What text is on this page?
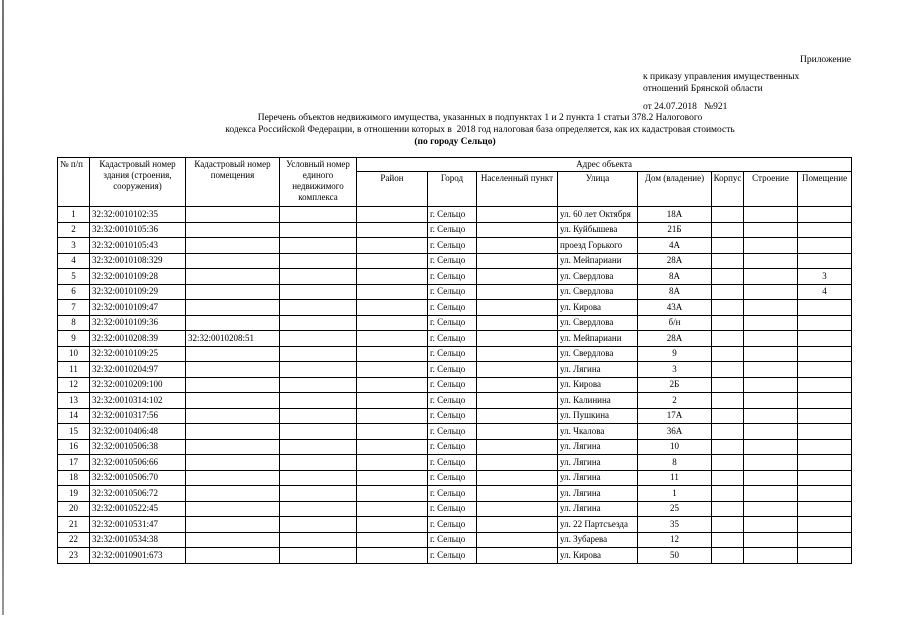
Приложение
к приказу управления имущественных
отношений Брянской области
от 24.07.2018   №921
Перечень объектов недвижимого имущества, указанных в подпунктах 1 и 2 пункта 1 статьи 378.2 Налогового
кодекса Российской Федерации, в отношении которых в  2018 год налоговая база определяется, как их кадастровая стоимость
(по городу Сельцо)
№ п/п	Кадастровый номер здания (строения, сооружения)	Кадастровый номер помещения	Условный номер единого недвижимого комплекса	Адрес объекта							
				Район	Город	Населенный пункт	Улица	Дом (владение)	Корпус	Строение	Помещение
1	32:32:0010102:35				г. Сельцо		ул. 60 лет Октября	18А			
2	32:32:0010105:36				г. Сельцо		ул. Куйбышева	21Б			
3	32:32:0010105:43				г. Сельцо		проезд Горького	4А			
4	32:32:0010108:329				г. Сельцо		ул. Мейпариани	28А			
5	32:32:0010109:28				г. Сельцо		ул. Свердлова	8А			3
6	32:32:0010109:29				г. Сельцо		ул. Свердлова	8А			4
7	32:32:0010109:47				г. Сельцо		ул. Кирова	43А			
8	32:32:0010109:36				г. Сельцо		ул. Свердлова	б/н			
9	32:32:0010208:39	32:32:0010208:51			г. Сельцо		ул. Мейпариани	28А			
10	32:32:0010109:25				г. Сельцо		ул. Свердлова	9			
11	32:32:0010204:97				г. Сельцо		ул. Лягина	3			
12	32:32:0010209:100				г. Сельцо		ул. Кирова	2Б			
13	32:32:0010314:102				г. Сельцо		ул. Калинина	2			
14	32:32:0010317:56				г. Сельцо		ул. Пушкина	17А			
15	32:32:0010406:48				г. Сельцо		ул. Чкалова	36А			
16	32:32:0010506:38				г. Сельцо		ул. Лягина	10			
17	32:32:0010506:66				г. Сельцо		ул. Лягина	8			
18	32:32:0010506:70				г. Сельцо		ул. Лягина	11			
19	32:32:0010506:72				г. Сельцо		ул. Лягина	1			
20	32:32:0010522:45				г. Сельцо		ул. Лягина	25			
21	32:32:0010531:47				г. Сельцо		ул. 22 Партсъезда	35			
22	32:32:0010534:38				г. Сельцо		ул. Зубарева	12			
23	32:32:0010901:673				г. Сельцо		ул. Кирова	50			
